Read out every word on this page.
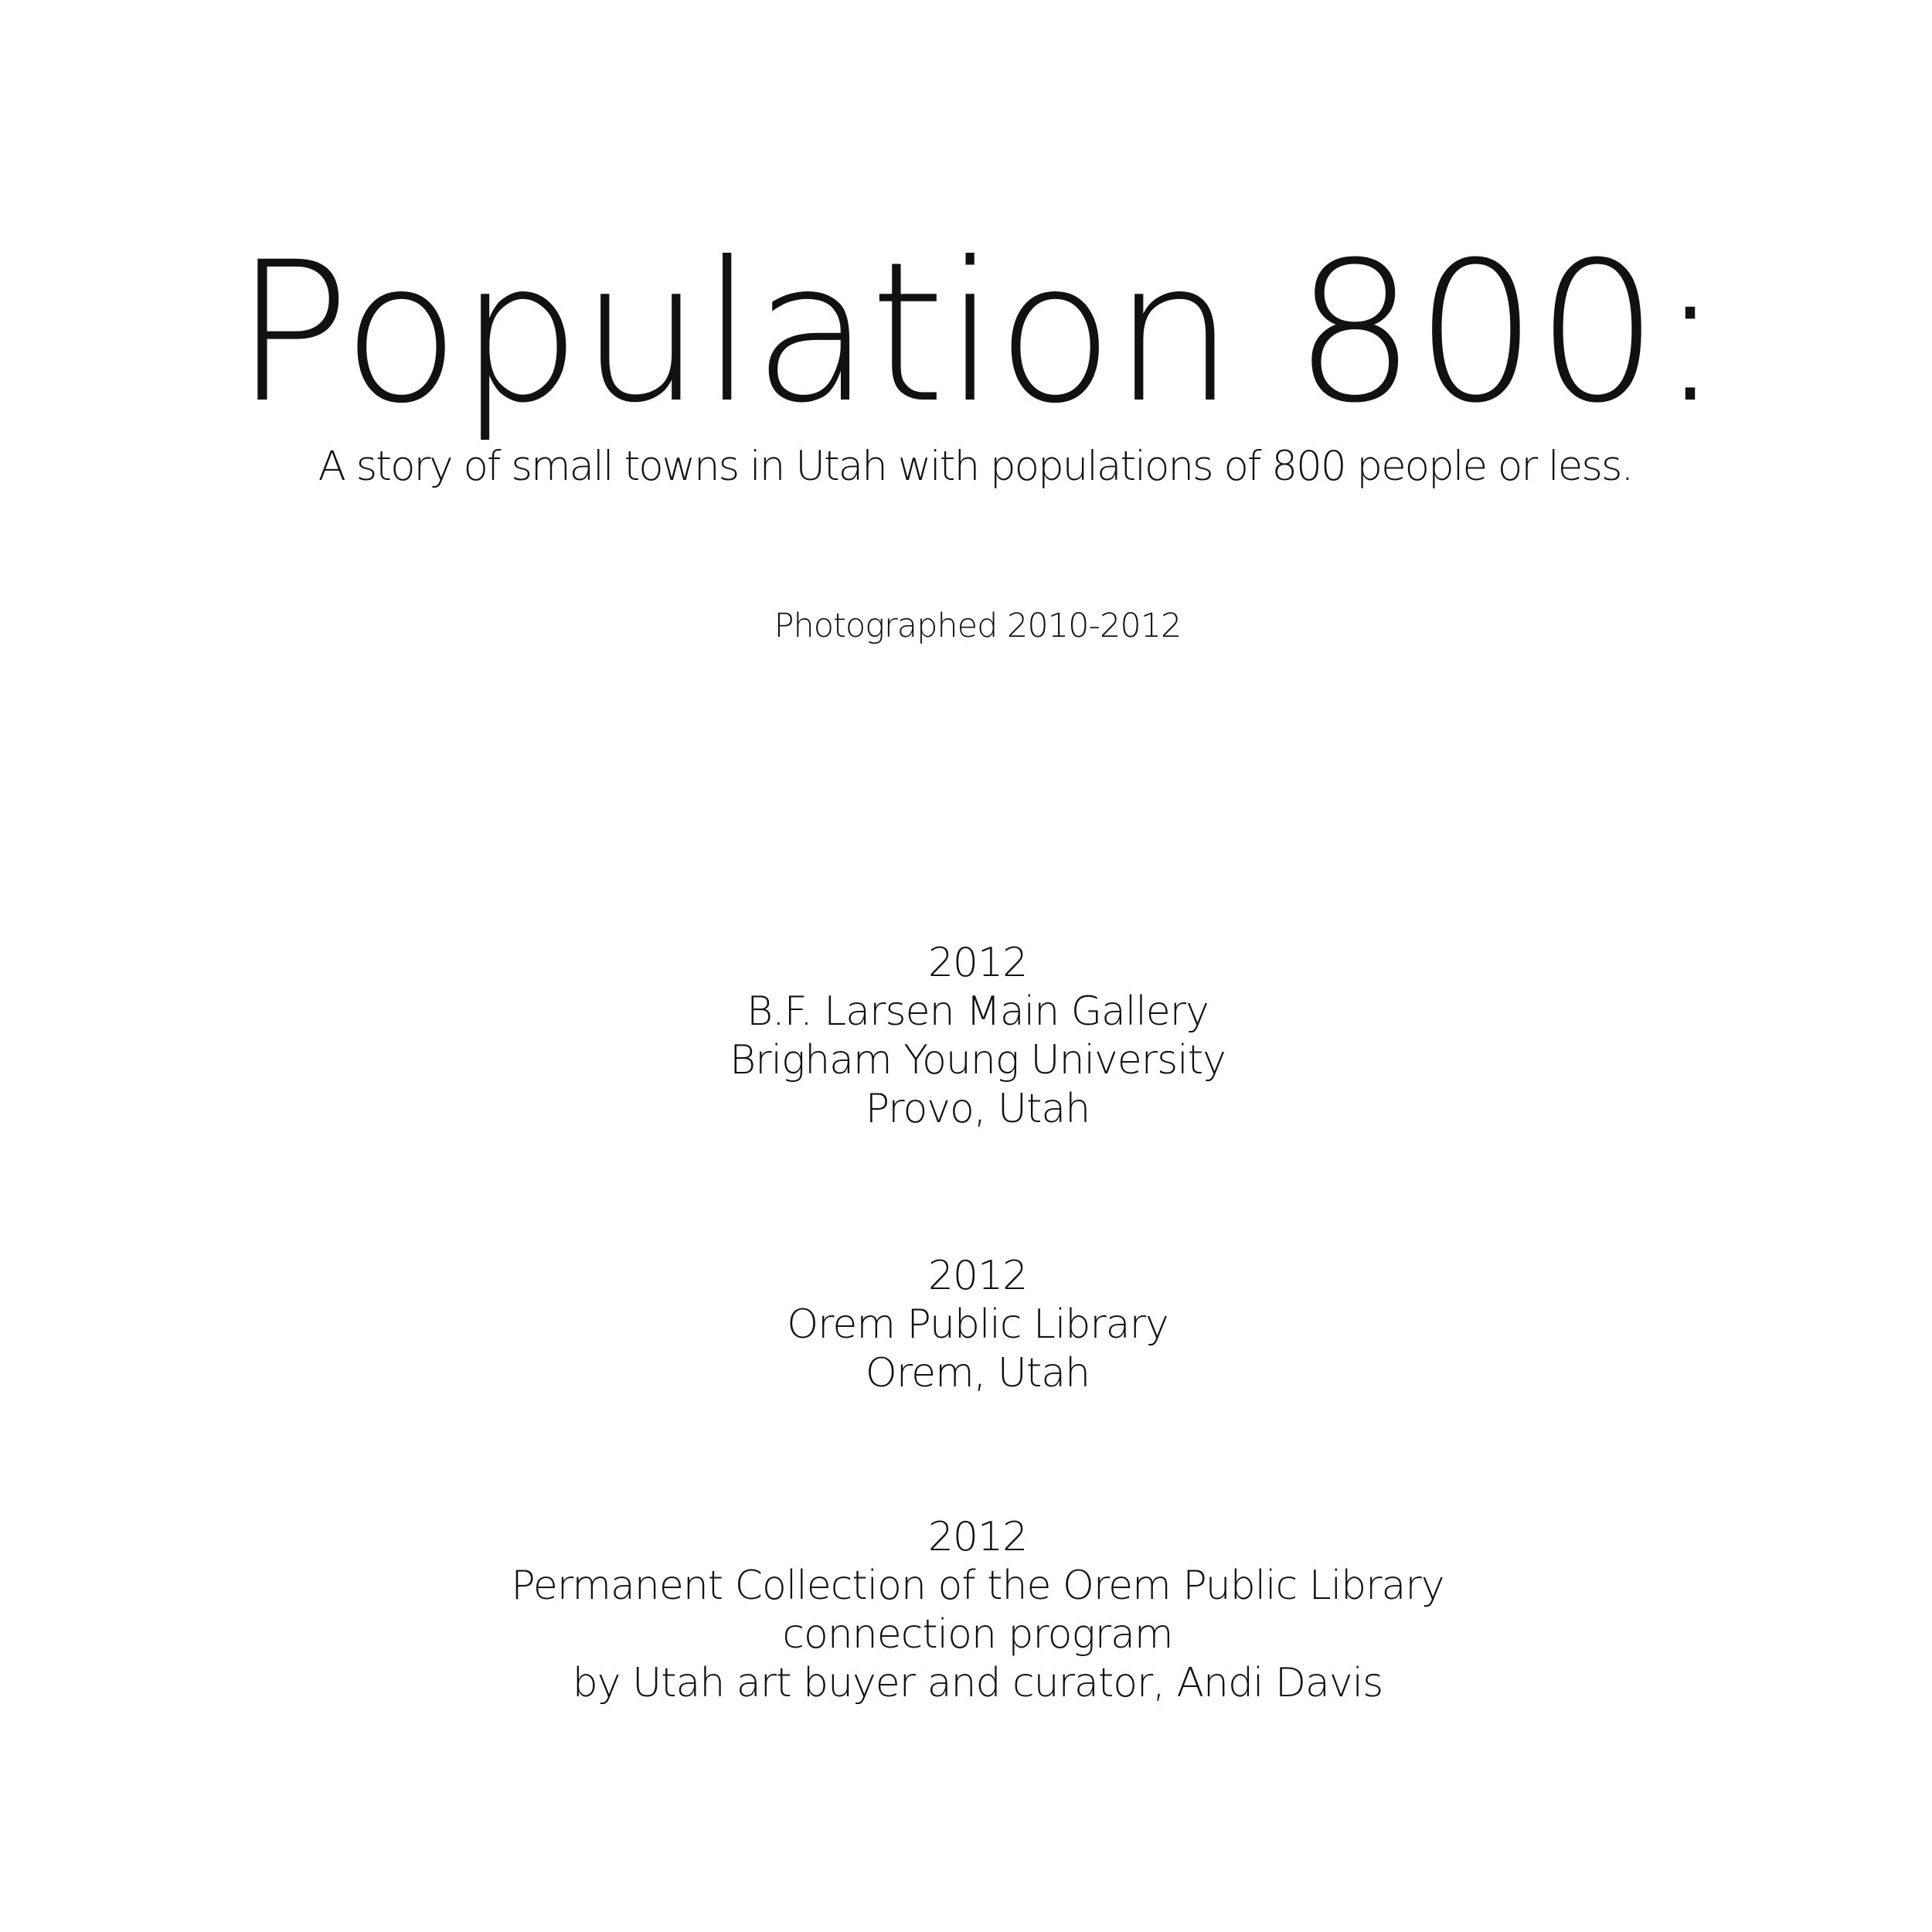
Population 800:
A story of small towns in Utah with populations of 800 people or less.
Photographed 2010-2012
2012
B.F. Larsen Main Gallery
Brigham Young University
Provo, Utah
2012
Orem Public Library
Orem, Utah
2012
Permanent Collection of the Orem Public Library
connection program
by Utah art buyer and curator, Andi Davis
